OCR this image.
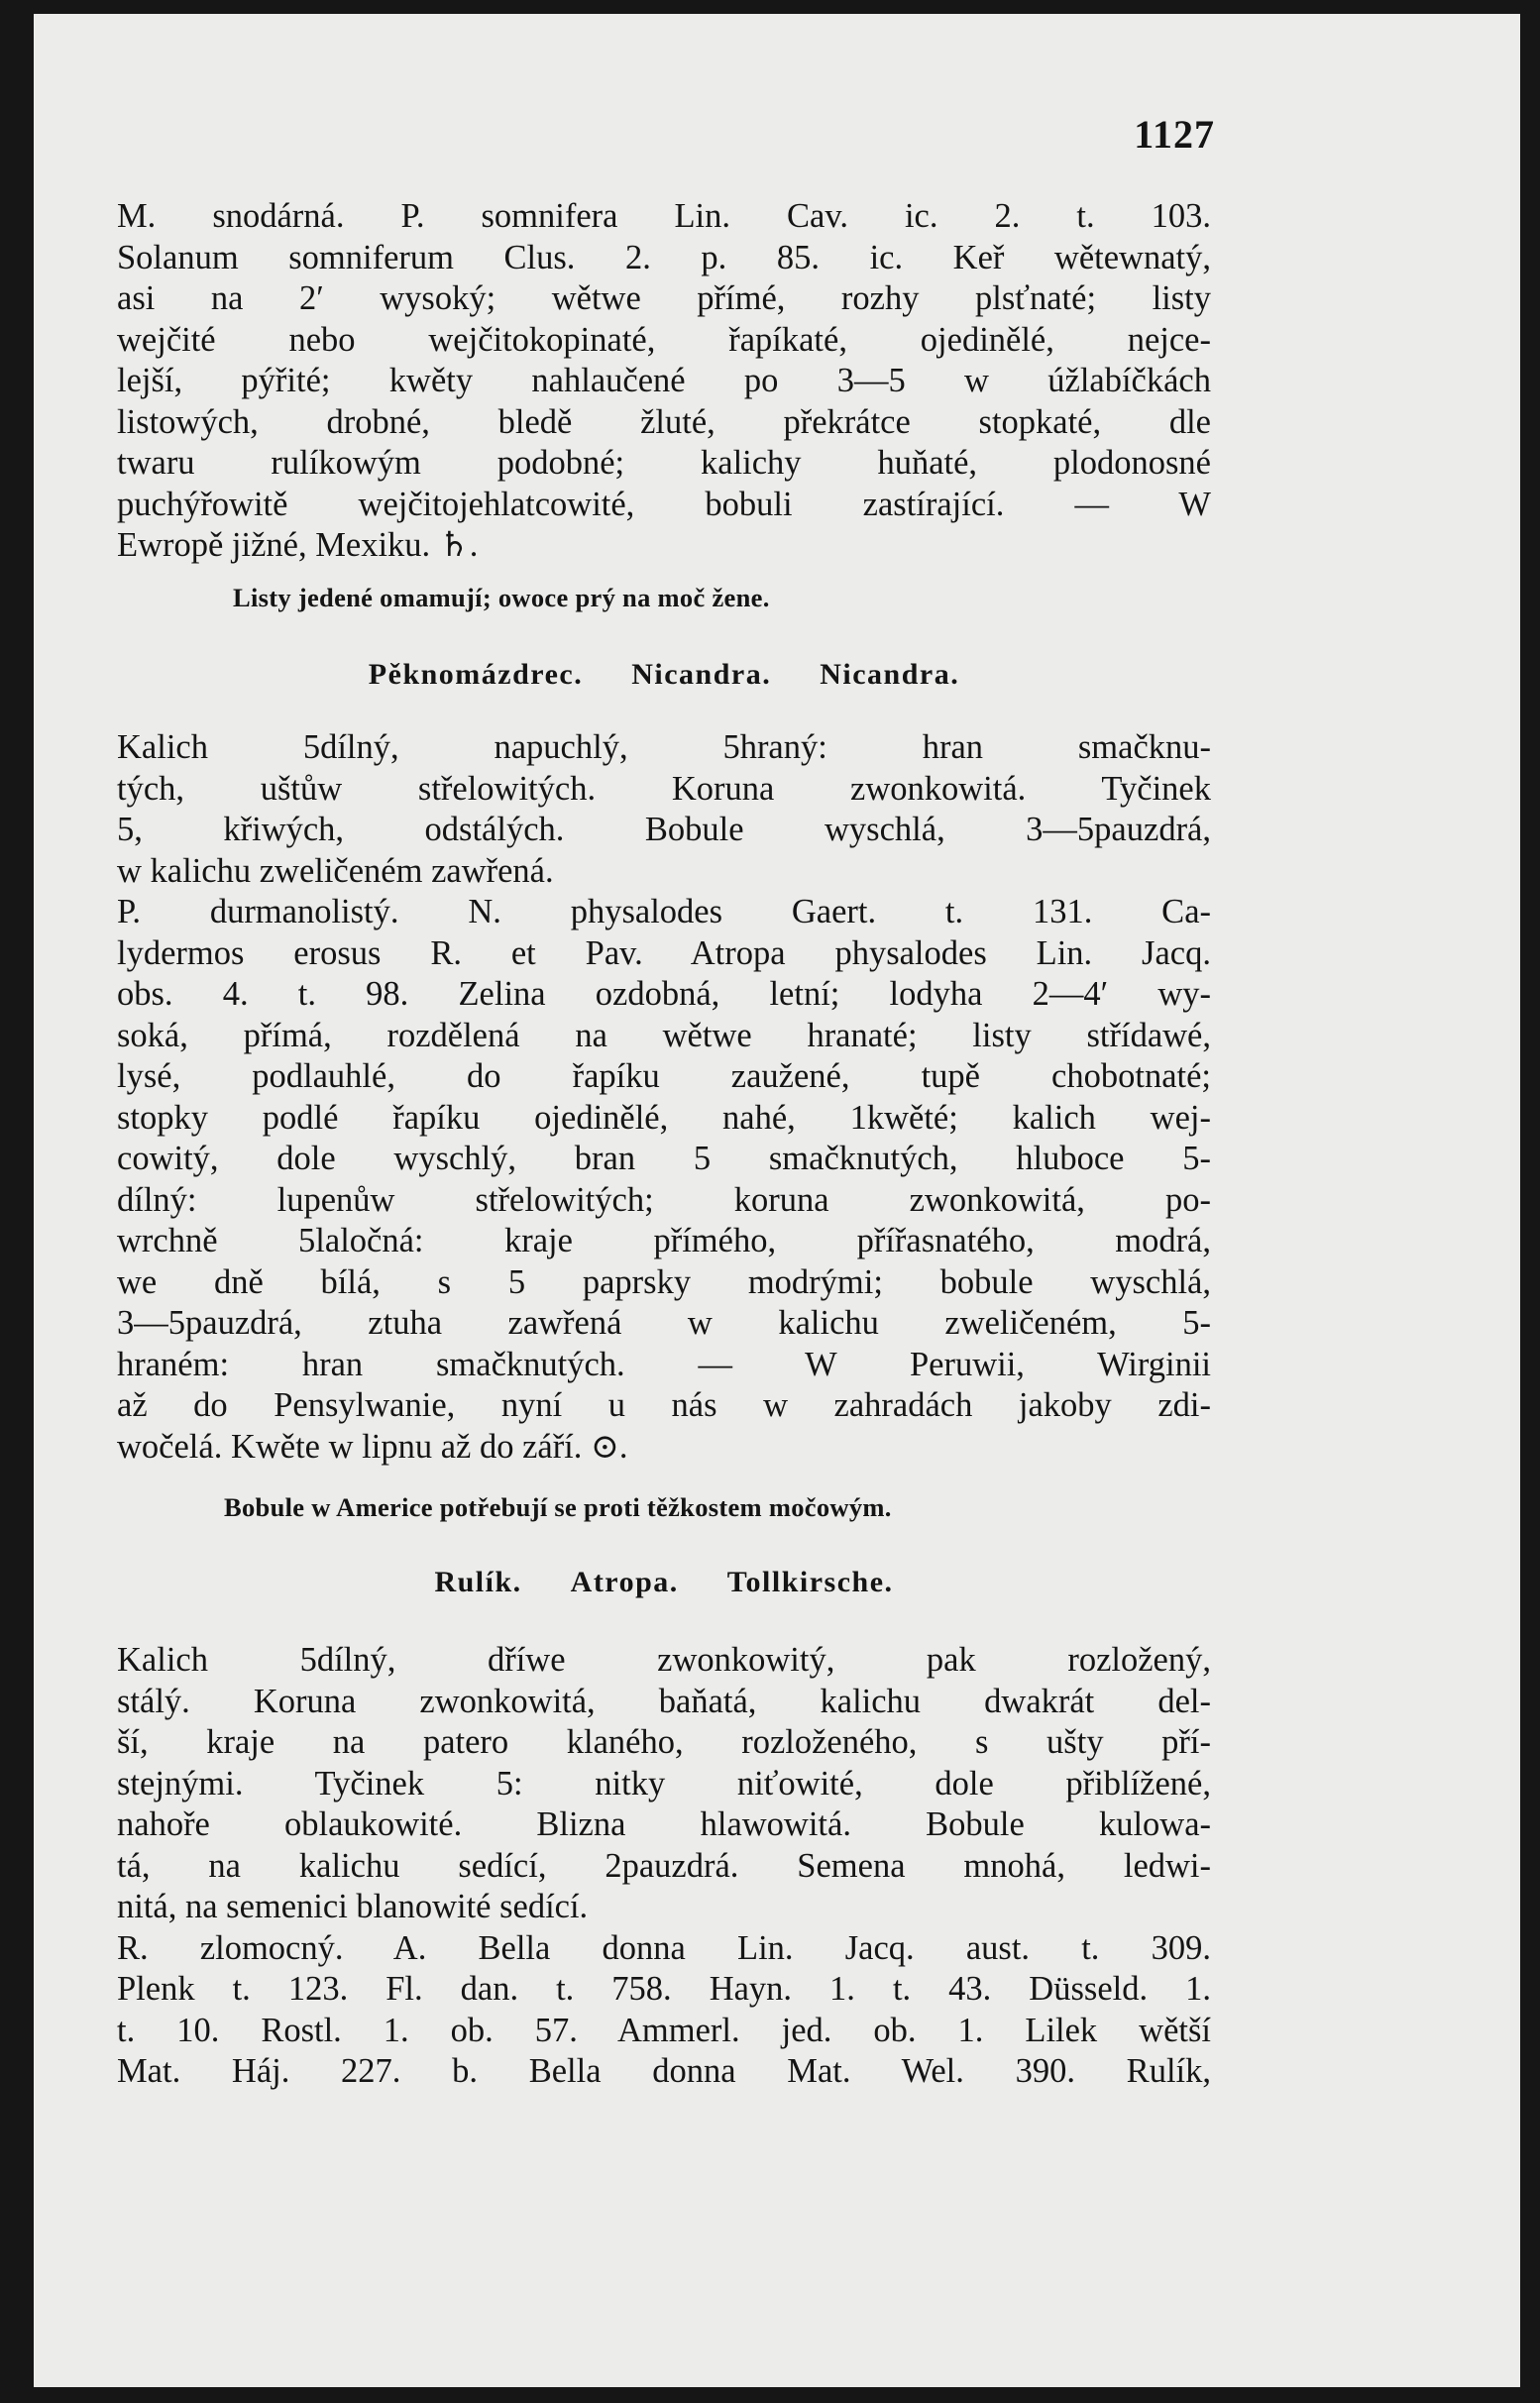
1127

M. snodárná. P. somnifera Lin. Cav. ic. 2. t. 103.

Solanum somniferum Clus. 2. p. 85. ic. Keř wětewnatý,

asi na 2′ wysoký; wětwe přímé, rozhy plsťnaté; listy

wejčité nebo wejčitokopinaté, řapíkaté, ojedinělé, nejce-

lejší, pýřité; kwěty nahlaučené po 3—5 w úžlabíčkách

listowých, drobné, bledě žluté, překrátce stopkaté, dle

twaru rulíkowým podobné; kalichy huňaté, plodonosné

puchýřowitě wejčitojehlatcowité, bobuli zastírající. — W

Ewropě jižné, Mexiku. ♄.

Listy jedené omamují; owoce prý na moč žene.
Pěknomázdrec. Nicandra. Nicandra.

Kalich 5dílný, napuchlý, 5hraný: hran smačknu-

tých, uštůw střelowitých. Koruna zwonkowitá. Tyčinek

5, křiwých, odstálých. Bobule wyschlá, 3—5pauzdrá,

w kalichu zweličeném zawřená.

P. durmanolistý. N. physalodes Gaert. t. 131. Ca-

lydermos erosus R. et Pav. Atropa physalodes Lin. Jacq.

obs. 4. t. 98. Zelina ozdobná, letní; lodyha 2—4′ wy-

soká, přímá, rozdělená na wětwe hranaté; listy střídawé,

lysé, podlauhlé, do řapíku zaužené, tupě chobotnaté;

stopky podlé řapíku ojedinělé, nahé, 1kwěté; kalich wej-

cowitý, dole wyschlý, bran 5 smačknutých, hluboce 5-

dílný: lupenůw střelowitých; koruna zwonkowitá, po-

wrchně 5laločná: kraje přímého, přířasnatého, modrá,

we dně bílá, s 5 paprsky modrými; bobule wyschlá,

3—5pauzdrá, ztuha zawřená w kalichu zweličeném, 5-

hraném: hran smačknutých. — W Peruwii, Wirginii

až do Pensylwanie, nyní u nás w zahradách jakoby zdi-

wočelá. Kwěte w lipnu až do září. ⊙.

Bobule w Americe potřebují se proti těžkostem močowým.
Rulík. Atropa. Tollkirsche.

Kalich 5dílný, dříwe zwonkowitý, pak rozložený,

stálý. Koruna zwonkowitá, baňatá, kalichu dwakrát del-

ší, kraje na patero klaného, rozloženého, s ušty pří-

stejnými. Tyčinek 5: nitky niťowité, dole přiblížené,

nahoře oblaukowité. Blizna hlawowitá. Bobule kulowa-

tá, na kalichu sedící, 2pauzdrá. Semena mnohá, ledwi-

nitá, na semenici blanowité sedící.

R. zlomocný. A. Bella donna Lin. Jacq. aust. t. 309.

Plenk t. 123. Fl. dan. t. 758. Hayn. 1. t. 43. Düsseld. 1.

t. 10. Rostl. 1. ob. 57. Ammerl. jed. ob. 1. Lilek wětší

Mat. Háj. 227. b. Bella donna Mat. Wel. 390. Rulík,
